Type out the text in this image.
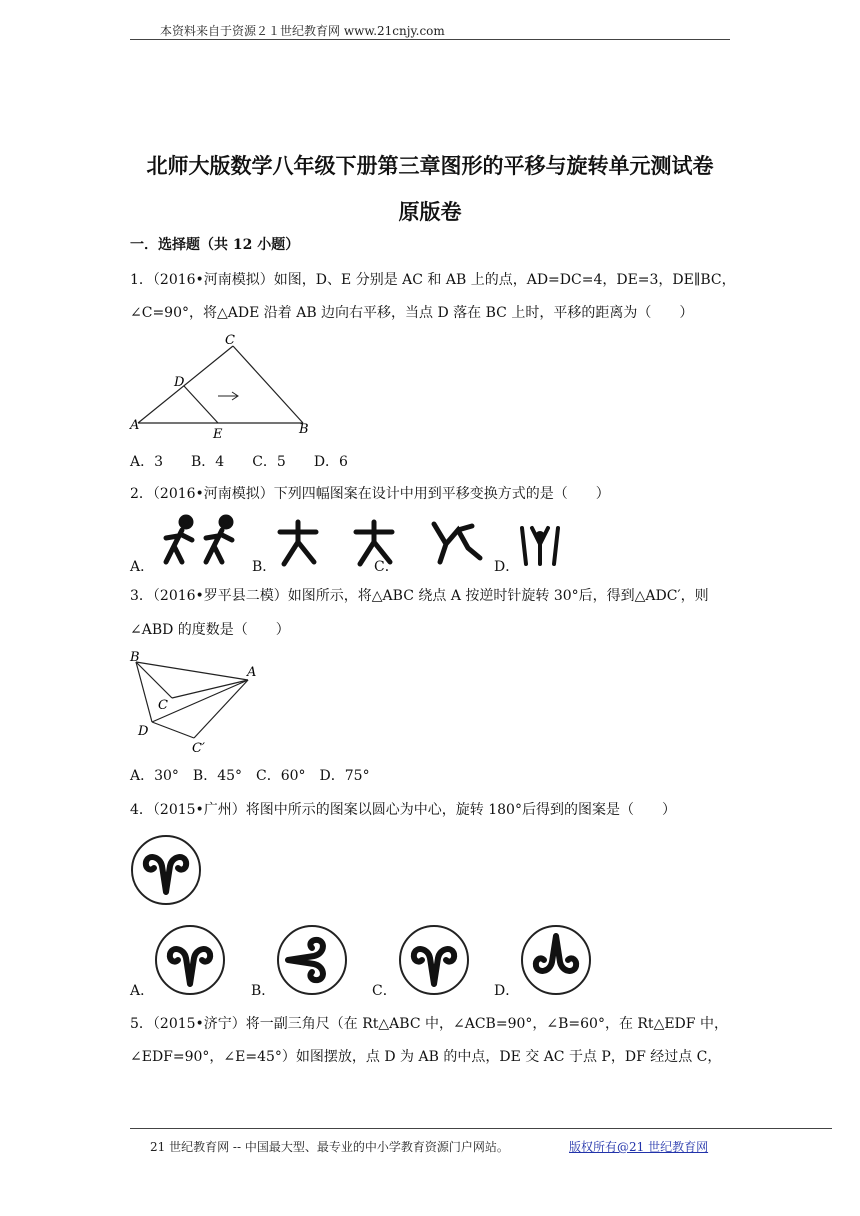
本资料来自于资源２１世纪教育网 www.21cnjy.com
北师大版数学八年级下册第三章图形的平移与旋转单元测试卷
原版卷
一．选择题（共 12 小题）
1．（2016•河南模拟）如图，D、E 分别是 AC 和 AB 上的点，AD=DC=4，DE=3，DE∥BC，
∠C=90°，将△ADE 沿着 AB 边向右平移，当点 D 落在 BC 上时，平移的距离为（　　）
C
D
A
E	B
A．3　　B．4　　C．5　　D．6
2．（2016•河南模拟）下列四幅图案在设计中用到平移变换方式的是（　　）
A．	B．	C．	D．
3．（2016•罗平县二模）如图所示，将△ABC 绕点 A 按逆时针旋转 30°后，得到△ADC′，则
∠ABD 的度数是（　　）
B
A
C
D
C′
A．30°　B．45°　C．60°　D．75°
4．（2015•广州）将图中所示的图案以圆心为中心，旋转 180°后得到的图案是（　　）
A．	B．	C．	D．
5．（2015•济宁）将一副三角尺（在 Rt△ABC 中，∠ACB=90°，∠B=60°，在 Rt△EDF 中，
∠EDF=90°，∠E=45°）如图摆放，点 D 为 AB 的中点，DE 交 AC 于点 P，DF 经过点 C，
21 世纪教育网 -- 中国最大型、最专业的中小学教育资源门户网站。	版权所有@21 世纪教育网
